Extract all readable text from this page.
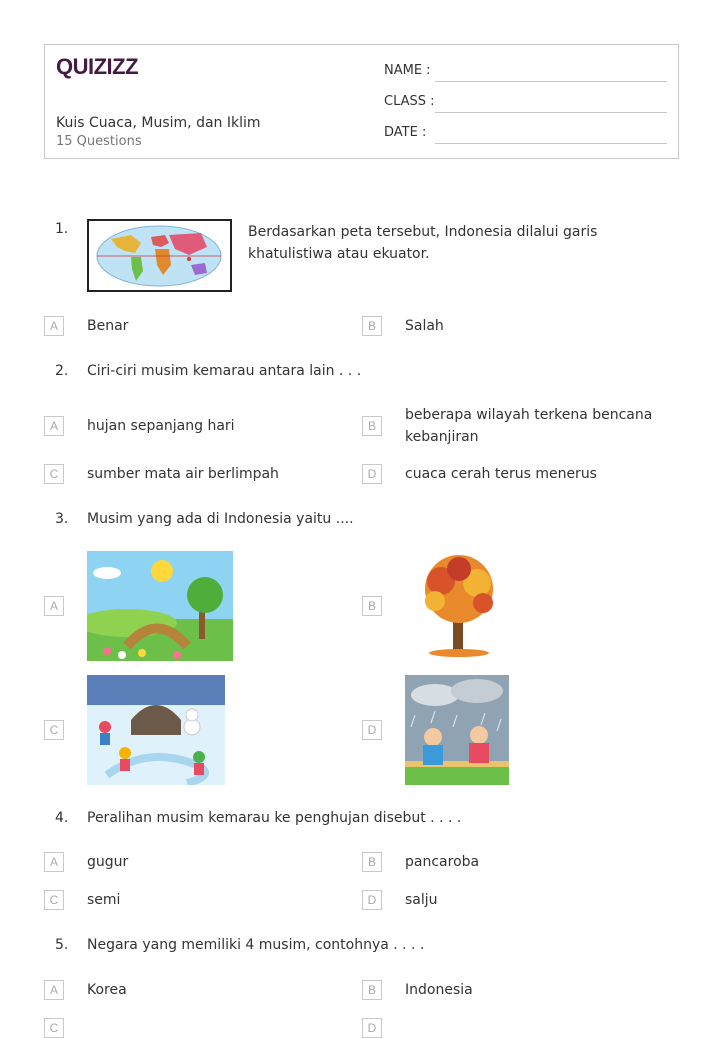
QUIZIZZ
Kuis Cuaca, Musim, dan Iklim
15 Questions
NAME :
CLASS :
DATE :
1.	Berdasarkan peta tersebut, Indonesia dilalui garis khatulistiwa atau ekuator.
A	Benar	B	Salah
2. Ciri-ciri musim kemarau antara lain . . .
A	hujan sepanjang hari	B
beberapa wilayah terkena bencana kebanjiran
C	sumber mata air berlimpah	D	cuaca cerah terus menerus
3. Musim yang ada di Indonesia yaitu ....
A	B
C	D
4. Peralihan musim kemarau ke penghujan disebut . . . .
A	gugur	B	pancaroba
C	semi	D	salju
5. Negara yang memiliki 4 musim, contohnya . . . .
A	Korea	B	Indonesia
C	D
